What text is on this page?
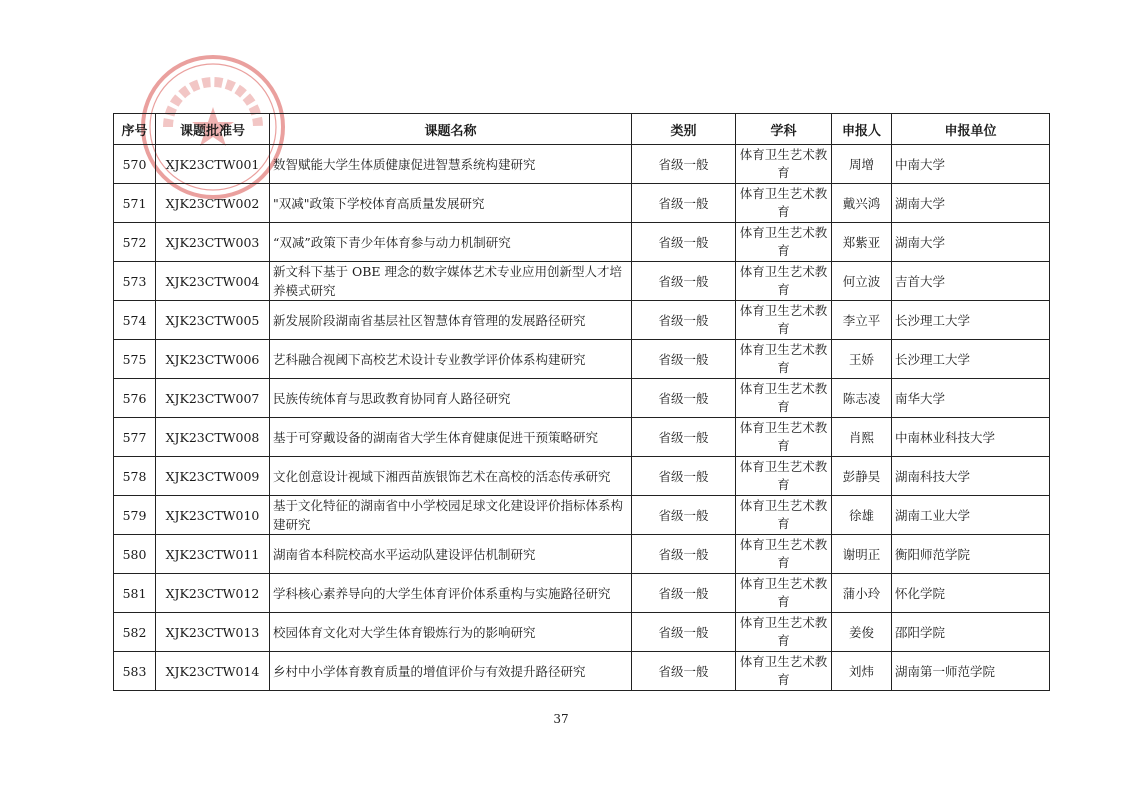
序号	课题批准号	课题名称	类别	学科	申报人	申报单位
570	XJK23CTW001	数智赋能大学生体质健康促进智慧系统构建研究	省级一般	体育卫生艺术教育	周增	中南大学
571	XJK23CTW002	"双减"政策下学校体育高质量发展研究	省级一般	体育卫生艺术教育	戴兴鸿	湖南大学
572	XJK23CTW003	“双减”政策下青少年体育参与动力机制研究	省级一般	体育卫生艺术教育	郑紫亚	湖南大学
573	XJK23CTW004	新文科下基于 OBE 理念的数字媒体艺术专业应用创新型人才培养模式研究	省级一般	体育卫生艺术教育	何立波	吉首大学
574	XJK23CTW005	新发展阶段湖南省基层社区智慧体育管理的发展路径研究	省级一般	体育卫生艺术教育	李立平	长沙理工大学
575	XJK23CTW006	艺科融合视阈下高校艺术设计专业教学评价体系构建研究	省级一般	体育卫生艺术教育	王娇	长沙理工大学
576	XJK23CTW007	民族传统体育与思政教育协同育人路径研究	省级一般	体育卫生艺术教育	陈志凌	南华大学
577	XJK23CTW008	基于可穿戴设备的湖南省大学生体育健康促进干预策略研究	省级一般	体育卫生艺术教育	肖熙	中南林业科技大学
578	XJK23CTW009	文化创意设计视域下湘西苗族银饰艺术在高校的活态传承研究	省级一般	体育卫生艺术教育	彭静昊	湖南科技大学
579	XJK23CTW010	基于文化特征的湖南省中小学校园足球文化建设评价指标体系构建研究	省级一般	体育卫生艺术教育	徐雄	湖南工业大学
580	XJK23CTW011	湖南省本科院校高水平运动队建设评估机制研究	省级一般	体育卫生艺术教育	谢明正	衡阳师范学院
581	XJK23CTW012	学科核心素养导向的大学生体育评价体系重构与实施路径研究	省级一般	体育卫生艺术教育	蒲小玲	怀化学院
582	XJK23CTW013	校园体育文化对大学生体育锻炼行为的影响研究	省级一般	体育卫生艺术教育	姜俊	邵阳学院
583	XJK23CTW014	乡村中小学体育教育质量的增值评价与有效提升路径研究	省级一般	体育卫生艺术教育	刘炜	湖南第一师范学院
37
